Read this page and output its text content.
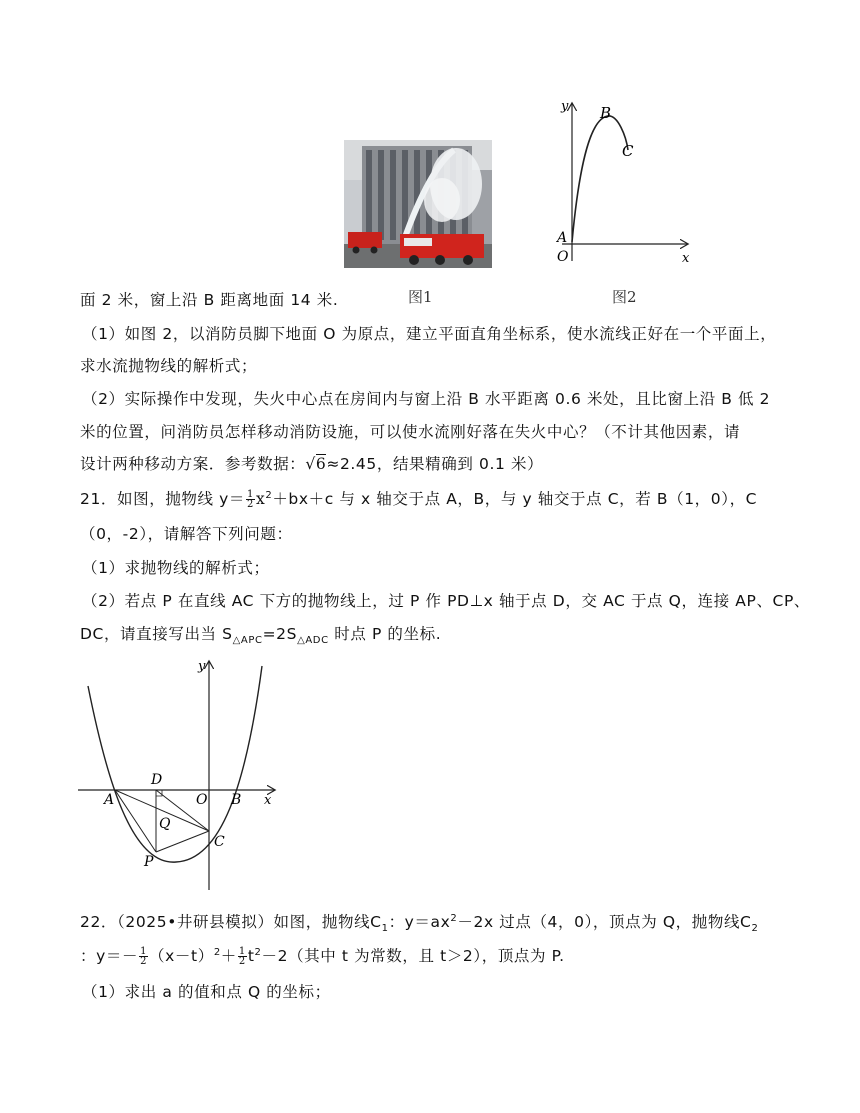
图1
y B
C
A
O	x
图2
面 2 米，窗上沿 B 距离地面 14 米.
（1）如图 2，以消防员脚下地面 O 为原点，建立平面直角坐标系，使水流线正好在一个平面上，
求水流抛物线的解析式；
（2）实际操作中发现，失火中心点在房间内与窗上沿 B 水平距离 0.6 米处，且比窗上沿 B 低 2
米的位置，问消防员怎样移动消防设施，可以使水流刚好落在失火中心？（不计其他因素，请
设计两种移动方案．参考数据：√6≈2.45，结果精确到 0.1 米）
21．如图，抛物线 $y= \frac{1}{2} x^2+bx+c$ 与 x 轴交于点 A，B，与 y 轴交于点 C，若 B（1，0），C
（0，-2），请解答下列问题：
（1）求抛物线的解析式；
（2）若点 P 在直线 AC 下方的抛物线上，过 P 作 PD⊥x 轴于点 D，交 AC 于点 Q，连接 AP、CP、
DC，请直接写出当 $S_{\triangle APC}=2S_{\triangle ADC}$ 时点 P 的坐标.
y
x
A
D
O B
Q
C
P
22．（2025•井研县模拟）如图，抛物线$C_1$：$y=ax^2-2x$ 过点（4，0），顶点为 Q，抛物线$C_2$
：$y=- \frac{1}{2} (x-t)^2+ \frac{1}{2} t^2-2$（其中 t 为常数，且 t＞2），顶点为 P.
（1）求出 a 的值和点 Q 的坐标；
